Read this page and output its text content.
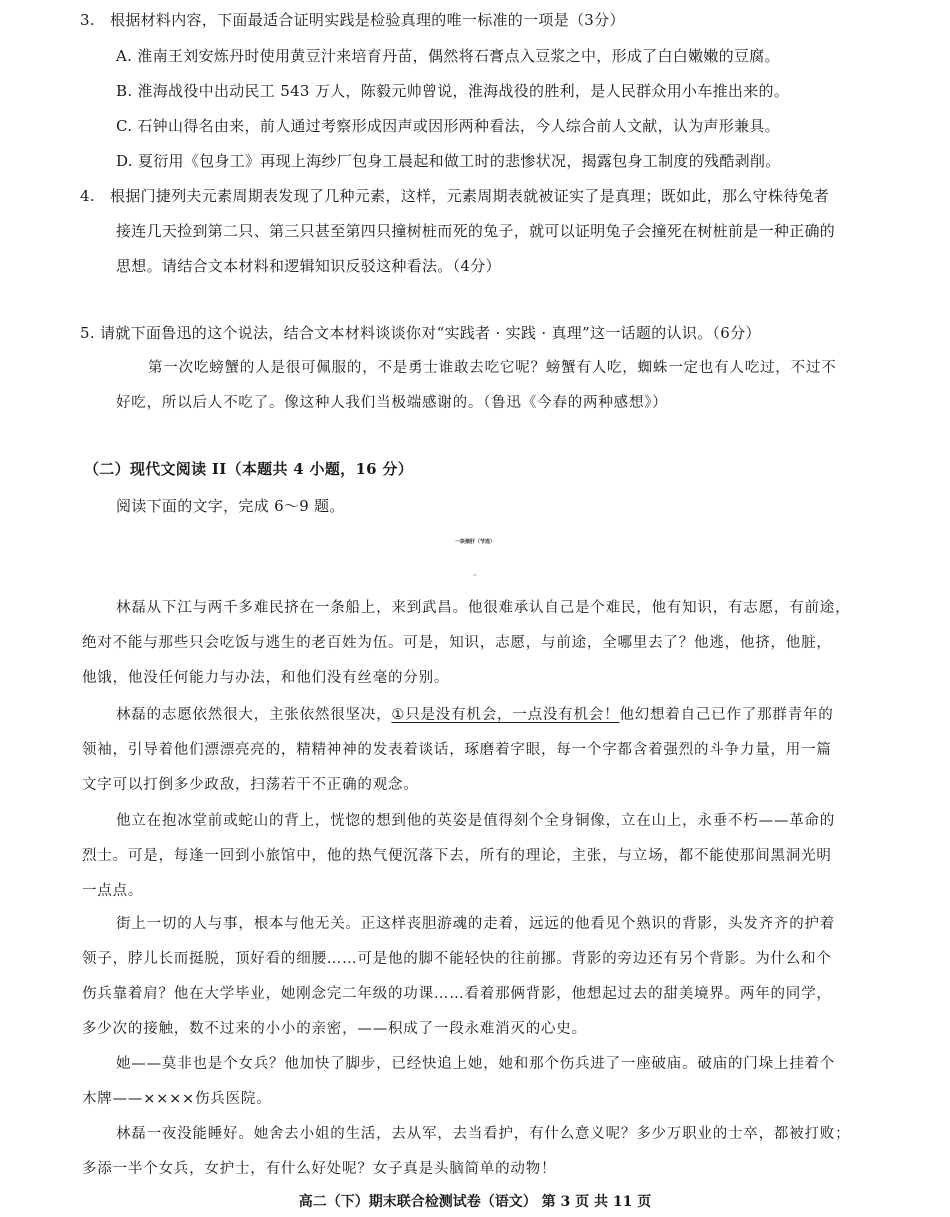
3. 根据材料内容，下面最适合证明实践是检验真理的唯一标准的一项是（3分）
A. 淮南王刘安炼丹时使用黄豆汁来培育丹苗，偶然将石膏点入豆浆之中，形成了白白嫩嫩的豆腐。
B. 淮海战役中出动民工 543 万人，陈毅元帅曾说，淮海战役的胜利，是人民群众用小车推出来的。
C. 石钟山得名由来，前人通过考察形成因声或因形两种看法，今人综合前人文献，认为声形兼具。
D. 夏衍用《包身工》再现上海纱厂包身工晨起和做工时的悲惨状况，揭露包身工制度的残酷剥削。
4. 根据门捷列夫元素周期表发现了几种元素，这样，元素周期表就被证实了是真理；既如此，那么守株待兔者
接连几天捡到第二只、第三只甚至第四只撞树桩而死的兔子，就可以证明兔子会撞死在树桩前是一种正确的
思想。请结合文本材料和逻辑知识反驳这种看法。（4分）
5. 请就下面鲁迅的这个说法，结合文本材料谈谈你对“实践者 · 实践 · 真理”这一话题的认识。（6分）
第一次吃螃蟹的人是很可佩服的，不是勇士谁敢去吃它呢？螃蟹有人吃，蜘蛛一定也有人吃过，不过不
好吃，所以后人不吃了。像这种人我们当极端感谢的。（鲁迅《今春的两种感想》）
（二）现代文阅读 II（本题共 4 小题，16 分）
阅读下面的文字，完成 6～9 题。
一块猪肝（节选）
老舍
林磊从下江与两千多难民挤在一条船上，来到武昌。他很难承认自己是个难民，他有知识，有志愿，有前途，
绝对不能与那些只会吃饭与逃生的老百姓为伍。可是，知识，志愿，与前途，全哪里去了？他逃，他挤，他脏，
他饿，他没任何能力与办法，和他们没有丝毫的分别。
林磊的志愿依然很大，主张依然很坚决，①只是没有机会，一点没有机会！他幻想着自己已作了那群青年的
领袖，引导着他们漂漂亮亮的，精精神神的发表着谈话，琢磨着字眼，每一个字都含着强烈的斗争力量，用一篇
文字可以打倒多少政敌，扫荡若干不正确的观念。
他立在抱冰堂前或蛇山的背上，恍惚的想到他的英姿是值得刻个全身铜像，立在山上，永垂不朽——革命的
烈士。可是，每逢一回到小旅馆中，他的热气便沉落下去，所有的理论，主张，与立场，都不能使那间黑洞光明
一点点。
街上一切的人与事，根本与他无关。正这样丧胆游魂的走着，远远的他看见个熟识的背影，头发齐齐的护着
领子，脖儿长而挺脱，顶好看的细腰……可是他的脚不能轻快的往前挪。背影的旁边还有另个背影。为什么和个
伤兵靠着肩？他在大学毕业，她刚念完二年级的功课……看着那俩背影，他想起过去的甜美境界。两年的同学，
多少次的接触，数不过来的小小的亲密，——积成了一段永难消灭的心史。
她——莫非也是个女兵？他加快了脚步，已经快追上她，她和那个伤兵进了一座破庙。破庙的门垛上挂着个
木牌——××××伤兵医院。
林磊一夜没能睡好。她舍去小姐的生活，去从军，去当看护，有什么意义呢？多少万职业的士卒，都被打败；
多添一半个女兵，女护士，有什么好处呢？女子真是头脑简单的动物！
高二（下）期末联合检测试卷（语文） 第 3 页 共 11 页
